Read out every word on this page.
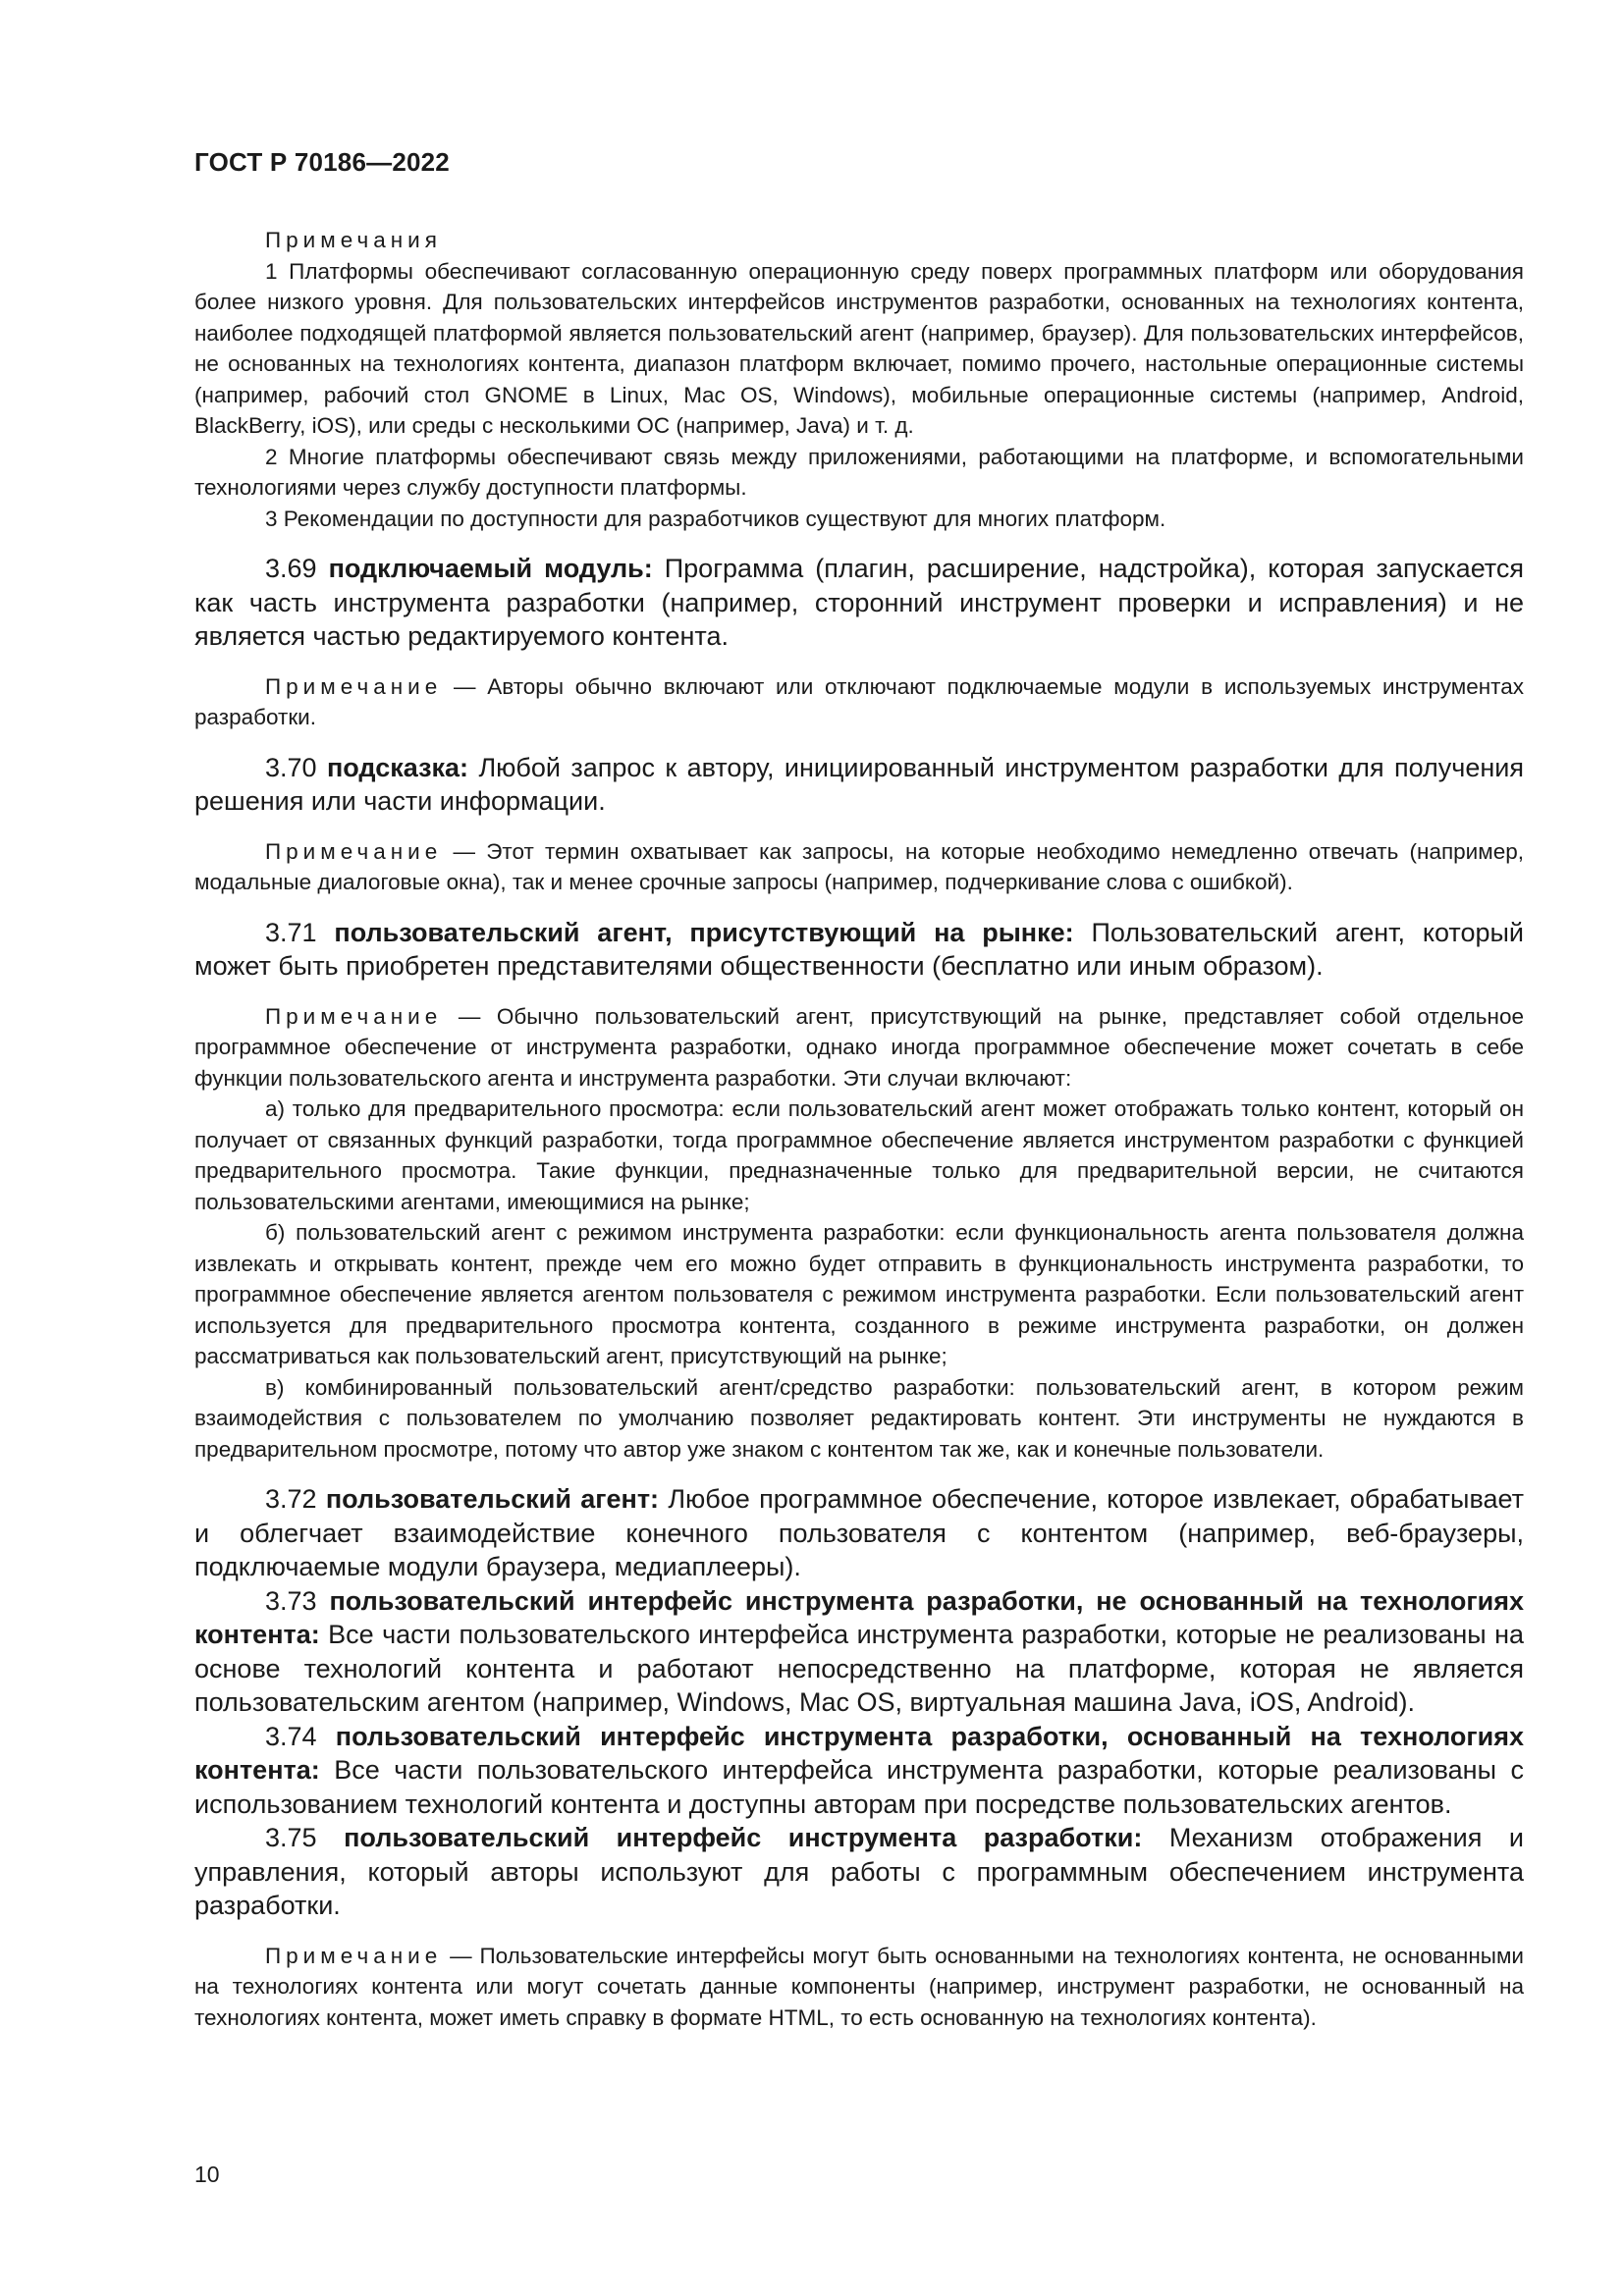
ГОСТ Р 70186—2022

Примечания

1 Платформы обеспечивают согласованную операционную среду поверх программных платформ или оборудования более низкого уровня. Для пользовательских интерфейсов инструментов разработки, основанных на технологиях контента, наиболее подходящей платформой является пользовательский агент (например, браузер). Для пользовательских интерфейсов, не основанных на технологиях контента, диапазон платформ включает, помимо прочего, настольные операционные системы (например, рабочий стол GNOME в Linux, Mac OS, Windows), мобильные операционные системы (например, Android, BlackBerry, iOS), или среды с несколькими ОС (например, Java) и т. д.

2 Многие платформы обеспечивают связь между приложениями, работающими на платформе, и вспомогательными технологиями через службу доступности платформы.

3 Рекомендации по доступности для разработчиков существуют для многих платформ.

3.69 подключаемый модуль: Программа (плагин, расширение, надстройка), которая запускается как часть инструмента разработки (например, сторонний инструмент проверки и исправления) и не является частью редактируемого контента.

Примечание — Авторы обычно включают или отключают подключаемые модули в используемых инструментах разработки.

3.70 подсказка: Любой запрос к автору, инициированный инструментом разработки для получения решения или части информации.

Примечание — Этот термин охватывает как запросы, на которые необходимо немедленно отвечать (например, модальные диалоговые окна), так и менее срочные запросы (например, подчеркивание слова с ошибкой).

3.71 пользовательский агент, присутствующий на рынке: Пользовательский агент, который может быть приобретен представителями общественности (бесплатно или иным образом).

Примечание — Обычно пользовательский агент, присутствующий на рынке, представляет собой отдельное программное обеспечение от инструмента разработки, однако иногда программное обеспечение может сочетать в себе функции пользовательского агента и инструмента разработки. Эти случаи включают:

а) только для предварительного просмотра: если пользовательский агент может отображать только контент, который он получает от связанных функций разработки, тогда программное обеспечение является инструментом разработки с функцией предварительного просмотра. Такие функции, предназначенные только для предварительной версии, не считаются пользовательскими агентами, имеющимися на рынке;

б) пользовательский агент с режимом инструмента разработки: если функциональность агента пользователя должна извлекать и открывать контент, прежде чем его можно будет отправить в функциональность инструмента разработки, то программное обеспечение является агентом пользователя с режимом инструмента разработки. Если пользовательский агент используется для предварительного просмотра контента, созданного в режиме инструмента разработки, он должен рассматриваться как пользовательский агент, присутствующий на рынке;

в) комбинированный пользовательский агент/средство разработки: пользовательский агент, в котором режим взаимодействия с пользователем по умолчанию позволяет редактировать контент. Эти инструменты не нуждаются в предварительном просмотре, потому что автор уже знаком с контентом так же, как и конечные пользователи.

3.72 пользовательский агент: Любое программное обеспечение, которое извлекает, обрабатывает и облегчает взаимодействие конечного пользователя с контентом (например, веб-браузеры, подключаемые модули браузера, медиаплееры).

3.73 пользовательский интерфейс инструмента разработки, не основанный на технологиях контента: Все части пользовательского интерфейса инструмента разработки, которые не реализованы на основе технологий контента и работают непосредственно на платформе, которая не является пользовательским агентом (например, Windows, Mac OS, виртуальная машина Java, iOS, Android).

3.74 пользовательский интерфейс инструмента разработки, основанный на технологиях контента: Все части пользовательского интерфейса инструмента разработки, которые реализованы с использованием технологий контента и доступны авторам при посредстве пользовательских агентов.

3.75 пользовательский интерфейс инструмента разработки: Механизм отображения и управления, который авторы используют для работы с программным обеспечением инструмента разработки.

Примечание — Пользовательские интерфейсы могут быть основанными на технологиях контента, не основанными на технологиях контента или могут сочетать данные компоненты (например, инструмент разработки, не основанный на технологиях контента, может иметь справку в формате HTML, то есть основанную на технологиях контента).

10
